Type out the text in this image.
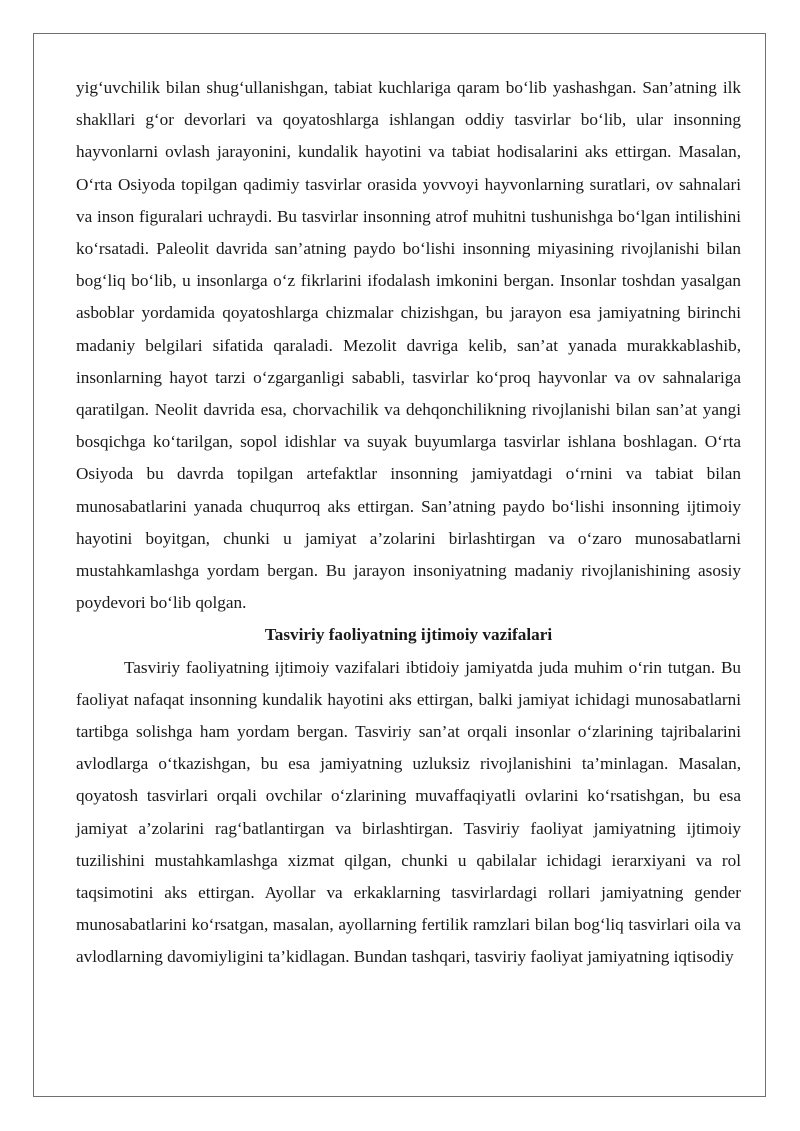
yig‘uvchilik bilan shug‘ullanishgan, tabiat kuchlariga qaram bo‘lib yashashgan. San’atning ilk shakllari g‘or devorlari va qoyatoshlarga ishlangan oddiy tasvirlar bo‘lib, ular insonning hayvonlarni ovlash jarayonini, kundalik hayotini va tabiat hodisalarini aks ettirgan. Masalan, O‘rta Osiyoda topilgan qadimiy tasvirlar orasida yovvoyi hayvonlarning suratlari, ov sahnalari va inson figuralari uchraydi. Bu tasvirlar insonning atrof muhitni tushunishga bo‘lgan intilishini ko‘rsatadi. Paleolit davrida san’atning paydo bo‘lishi insonning miyasining rivojlanishi bilan bog‘liq bo‘lib, u insonlarga o‘z fikrlarini ifodalash imkonini bergan. Insonlar toshdan yasalgan asboblar yordamida qoyatoshlarga chizmalar chizishgan, bu jarayon esa jamiyatning birinchi madaniy belgilari sifatida qaraladi. Mezolit davriga kelib, san’at yanada murakkablashib, insonlarning hayot tarzi o‘zgarganligi sababli, tasvirlar ko‘proq hayvonlar va ov sahnalariga qaratilgan. Neolit davrida esa, chorvachilik va dehqonchilikning rivojlanishi bilan san’at yangi bosqichga ko‘tarilgan, sopol idishlar va suyak buyumlarga tasvirlar ishlana boshlagan. O‘rta Osiyoda bu davrda topilgan artefaktlar insonning jamiyatdagi o‘rnini va tabiat bilan munosabatlarini yanada chuqurroq aks ettirgan. San’atning paydo bo‘lishi insonning ijtimoiy hayotini boyitgan, chunki u jamiyat a’zolarini birlashtirgan va o‘zaro munosabatlarni mustahkamlashga yordam bergan. Bu jarayon insoniyatning madaniy rivojlanishining asosiy poydevori bo‘lib qolgan.

Tasviriy faoliyatning ijtimoiy vazifalari

Tasviriy faoliyatning ijtimoiy vazifalari ibtidoiy jamiyatda juda muhim o‘rin tutgan. Bu faoliyat nafaqat insonning kundalik hayotini aks ettirgan, balki jamiyat ichidagi munosabatlarni tartibga solishga ham yordam bergan. Tasviriy san’at orqali insonlar o‘zlarining tajribalarini avlodlarga o‘tkazishgan, bu esa jamiyatning uzluksiz rivojlanishini ta’minlagan. Masalan, qoyatosh tasvirlari orqali ovchilar o‘zlarining muvaffaqiyatli ovlarini ko‘rsatishgan, bu esa jamiyat a’zolarini rag‘batlantirgan va birlashtirgan. Tasviriy faoliyat jamiyatning ijtimoiy tuzilishini mustahkamlashga xizmat qilgan, chunki u qabilalar ichidagi ierarxiyani va rol taqsimotini aks ettirgan. Ayollar va erkaklarning tasvirlardagi rollari jamiyatning gender munosabatlarini ko‘rsatgan, masalan, ayollarning fertilik ramzlari bilan bog‘liq tasvirlari oila va avlodlarning davomiyligini ta’kidlagan. Bundan tashqari, tasviriy faoliyat jamiyatning iqtisodiy
